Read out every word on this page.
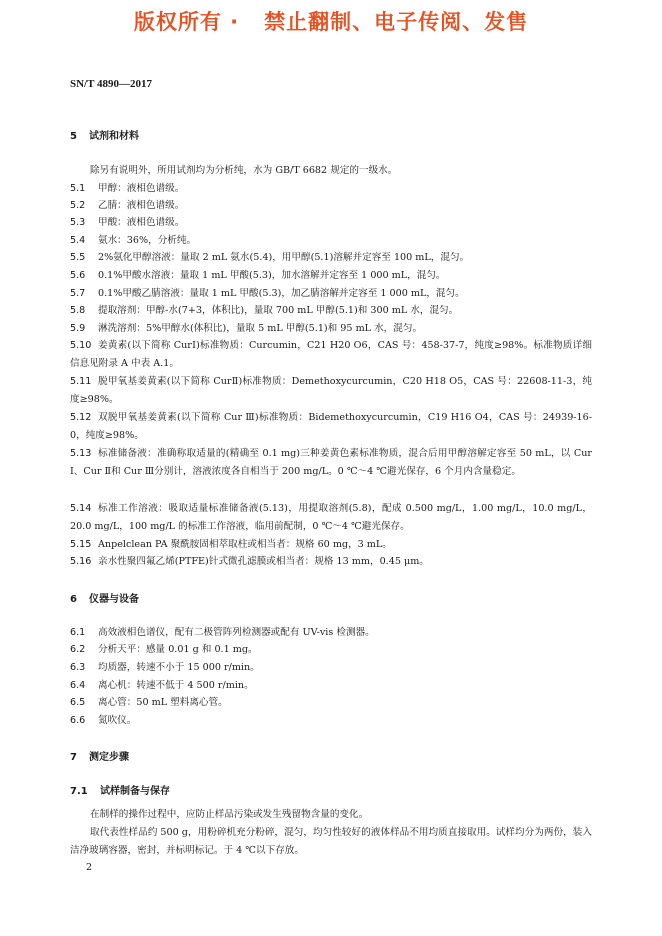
版权所有 ·   禁止翻制、电子传阅、发售
SN/T 4890—2017
5 试剂和材料
除另有说明外，所用试剂均为分析纯，水为 GB/T 6682 规定的一级水。
5.1	甲醇：液相色谱级。
5.2	乙腈：液相色谱级。
5.3	甲酸：液相色谱级。
5.4	氨水：36%，分析纯。
5.5	2%氨化甲醇溶液：量取 2 mL 氨水(5.4)，用甲醇(5.1)溶解并定容至 100 mL，混匀。
5.6	0.1%甲酸水溶液：量取 1 mL 甲酸(5.3)，加水溶解并定容至 1 000 mL，混匀。
5.7	0.1%甲酸乙腈溶液：量取 1 mL 甲酸(5.3)，加乙腈溶解并定容至 1 000 mL，混匀。
5.8	提取溶剂：甲醇-水(7+3，体积比)，量取 700 mL 甲醇(5.1)和 300 mL 水，混匀。
5.9	淋洗溶剂：5%甲醇水(体积比)，量取 5 mL 甲醇(5.1)和 95 mL 水，混匀。
5.10 姜黄素(以下简称 CurⅠ)标准物质：Curcumin，C21 H20 O6，CAS 号：458-37-7，纯度≥98%。标准物质详细信息见附录 A 中表 A.1。
5.11 脱甲氧基姜黄素(以下简称 CurⅡ)标准物质：Demethoxycurcumin，C20 H18 O5，CAS 号：22608-11-3，纯度≥98%。
5.12 双脱甲氧基姜黄素(以下简称 Cur Ⅲ)标准物质：Bidemethoxycurcumin，C19 H16 O4，CAS 号：24939-16-0，纯度≥98%。
5.13 标准储备液：准确称取适量的(精确至 0.1 mg)三种姜黄色素标准物质，混合后用甲醇溶解定容至 50 mL，以 Cur Ⅰ、Cur Ⅱ和 Cur Ⅲ分别计，溶液浓度各自相当于 200 mg/L。0 ℃～4 ℃避光保存，6 个月内含量稳定。
5.14 标准工作溶液：吸取适量标准储备液(5.13)，用提取溶剂(5.8)，配成 0.500 mg/L，1.00 mg/L，10.0 mg/L，20.0 mg/L，100 mg/L 的标准工作溶液，临用前配制，0 ℃～4 ℃避光保存。
5.15 Anpelclean PA 聚酰胺固相萃取柱或相当者：规格 60 mg，3 mL。
5.16 亲水性聚四氟乙烯(PTFE)针式微孔滤膜或相当者：规格 13 mm，0.45 μm。
6 仪器与设备
6.1	高效液相色谱仪，配有二极管阵列检测器或配有 UV-vis 检测器。
6.2	分析天平：感量 0.01 g 和 0.1 mg。
6.3	均质器，转速不小于 15 000 r/min。
6.4	离心机：转速不低于 4 500 r/min。
6.5	离心管：50 mL 塑料离心管。
6.6	氮吹仪。
7 测定步骤
7.1 试样制备与保存
在制样的操作过程中，应防止样品污染或发生残留物含量的变化。
取代表性样品约 500 g，用粉碎机充分粉碎，混匀，均匀性较好的液体样品不用均质直接取用。试样均分为两份，装入洁净玻璃容器，密封，并标明标记。于 4 ℃以下存放。
2
